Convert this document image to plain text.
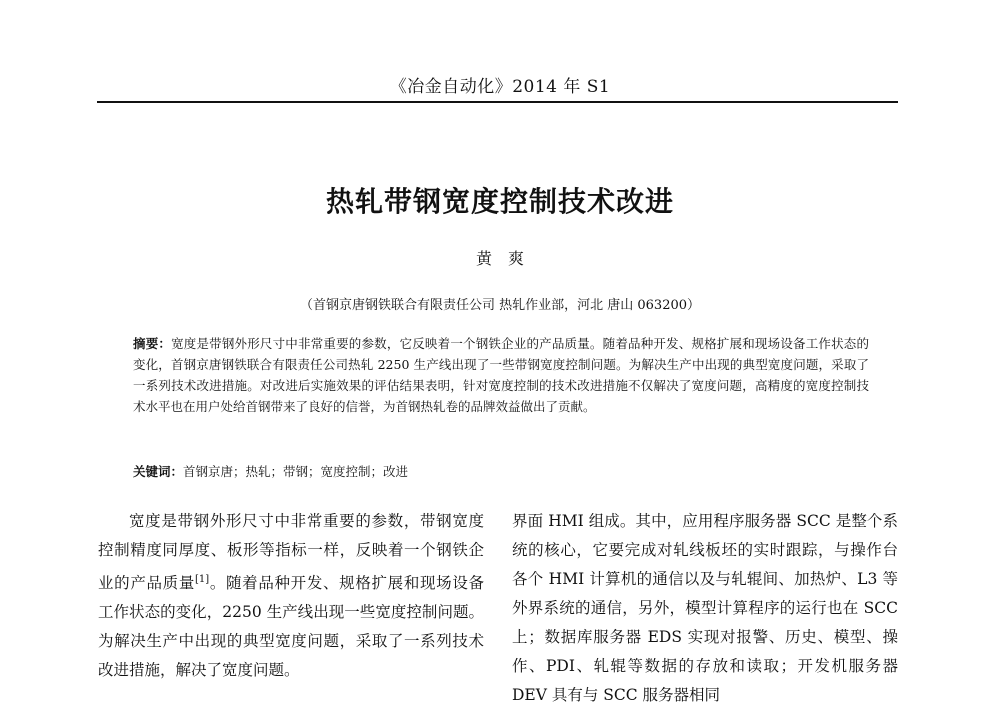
《冶金自动化》2014 年 S1
热轧带钢宽度控制技术改进
黄爽
（首钢京唐钢铁联合有限责任公司 热轧作业部，河北 唐山 063200）
摘要：宽度是带钢外形尺寸中非常重要的参数，它反映着一个钢铁企业的产品质量。随着品种开发、规格扩展和现场设备工作状态的变化，首钢京唐钢铁联合有限责任公司热轧 2250 生产线出现了一些带钢宽度控制问题。为解决生产中出现的典型宽度问题，采取了一系列技术改进措施。对改进后实施效果的评估结果表明，针对宽度控制的技术改进措施不仅解决了宽度问题，高精度的宽度控制技术水平也在用户处给首钢带来了良好的信誉，为首钢热轧卷的品牌效益做出了贡献。
关键词：首钢京唐；热轧；带钢；宽度控制；改进
宽度是带钢外形尺寸中非常重要的参数，带钢宽度控制精度同厚度、板形等指标一样，反映着一个钢铁企业的产品质量[1]。随着品种开发、规格扩展和现场设备工作状态的变化，2250 生产线出现一些宽度控制问题。为解决生产中出现的典型宽度问题，采取了一系列技术改进措施，解决了宽度问题。
界面 HMI 组成。其中，应用程序服务器 SCC 是整个系统的核心，它要完成对轧线板坯的实时跟踪，与操作台各个 HMI 计算机的通信以及与轧辊间、加热炉、L3 等外界系统的通信，另外，模型计算程序的运行也在 SCC 上；数据库服务器 EDS 实现对报警、历史、模型、操作、PDI、轧辊等数据的存放和读取；开发机服务器 DEV 具有与 SCC 服务器相同
